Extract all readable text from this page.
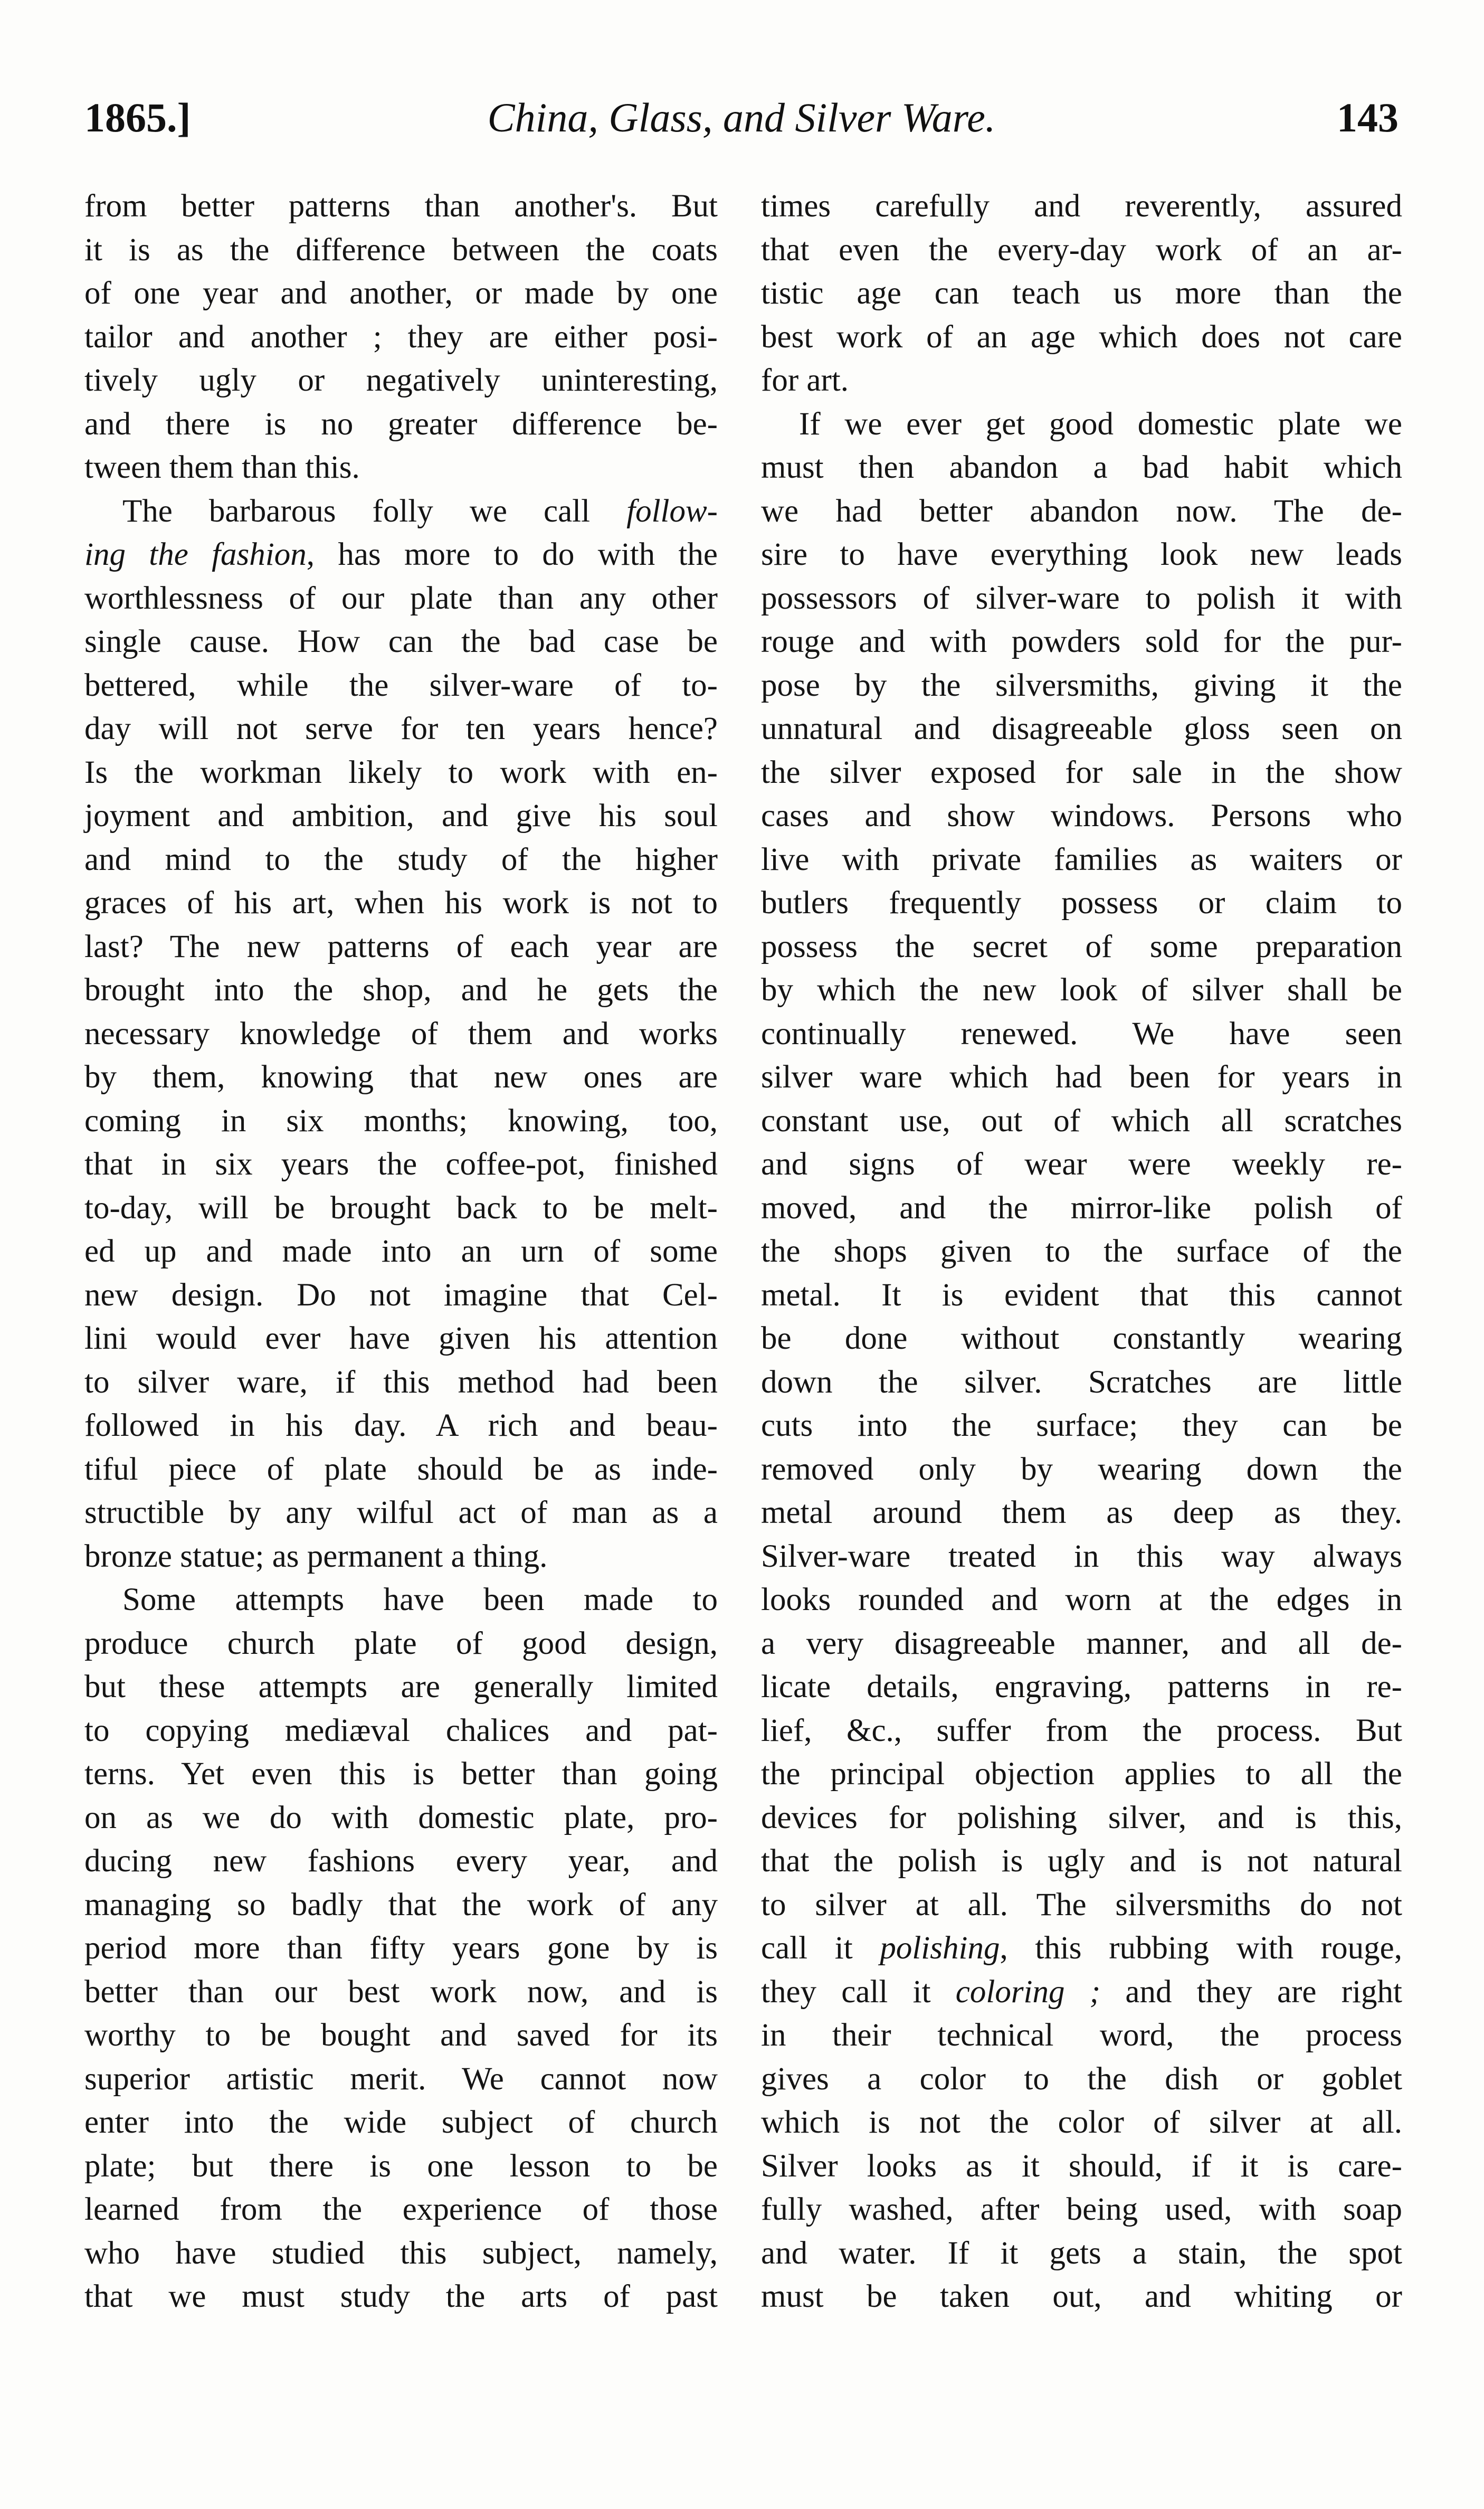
1865.]	China, Glass, and Silver Ware.	143
from better patterns than another's. But
it is as the difference between the coats
of one year and another, or made by one
tailor and another ; they are either posi-
tively ugly or negatively uninteresting,
and there is no greater difference be-
tween them than this.
The barbarous folly we call follow-
ing the fashion, has more to do with the
worthlessness of our plate than any other
single cause. How can the bad case be
bettered, while the silver-ware of to-
day will not serve for ten years hence?
Is the workman likely to work with en-
joyment and ambition, and give his soul
and mind to the study of the higher
graces of his art, when his work is not to
last? The new patterns of each year are
brought into the shop, and he gets the
necessary knowledge of them and works
by them, knowing that new ones are
coming in six months; knowing, too,
that in six years the coffee-pot, finished
to-day, will be brought back to be melt-
ed up and made into an urn of some
new design. Do not imagine that Cel-
lini would ever have given his attention
to silver ware, if this method had been
followed in his day. A rich and beau-
tiful piece of plate should be as inde-
structible by any wilful act of man as a
bronze statue; as permanent a thing.
Some attempts have been made to
produce church plate of good design,
but these attempts are generally limited
to copying mediæval chalices and pat-
terns. Yet even this is better than going
on as we do with domestic plate, pro-
ducing new fashions every year, and
managing so badly that the work of any
period more than fifty years gone by is
better than our best work now, and is
worthy to be bought and saved for its
superior artistic merit. We cannot now
enter into the wide subject of church
plate; but there is one lesson to be
learned from the experience of those
who have studied this subject, namely,
that we must study the arts of past
times carefully and reverently, assured
that even the every-day work of an ar-
tistic age can teach us more than the
best work of an age which does not care
for art.
If we ever get good domestic plate we
must then abandon a bad habit which
we had better abandon now. The de-
sire to have everything look new leads
possessors of silver-ware to polish it with
rouge and with powders sold for the pur-
pose by the silversmiths, giving it the
unnatural and disagreeable gloss seen on
the silver exposed for sale in the show
cases and show windows. Persons who
live with private families as waiters or
butlers frequently possess or claim to
possess the secret of some preparation
by which the new look of silver shall be
continually renewed. We have seen
silver ware which had been for years in
constant use, out of which all scratches
and signs of wear were weekly re-
moved, and the mirror-like polish of
the shops given to the surface of the
metal. It is evident that this cannot
be done without constantly wearing
down the silver. Scratches are little
cuts into the surface; they can be
removed only by wearing down the
metal around them as deep as they.
Silver-ware treated in this way always
looks rounded and worn at the edges in
a very disagreeable manner, and all de-
licate details, engraving, patterns in re-
lief, &c., suffer from the process. But
the principal objection applies to all the
devices for polishing silver, and is this,
that the polish is ugly and is not natural
to silver at all. The silversmiths do not
call it polishing, this rubbing with rouge,
they call it coloring ; and they are right
in their technical word, the process
gives a color to the dish or goblet
which is not the color of silver at all.
Silver looks as it should, if it is care-
fully washed, after being used, with soap
and water. If it gets a stain, the spot
must be taken out, and whiting or
